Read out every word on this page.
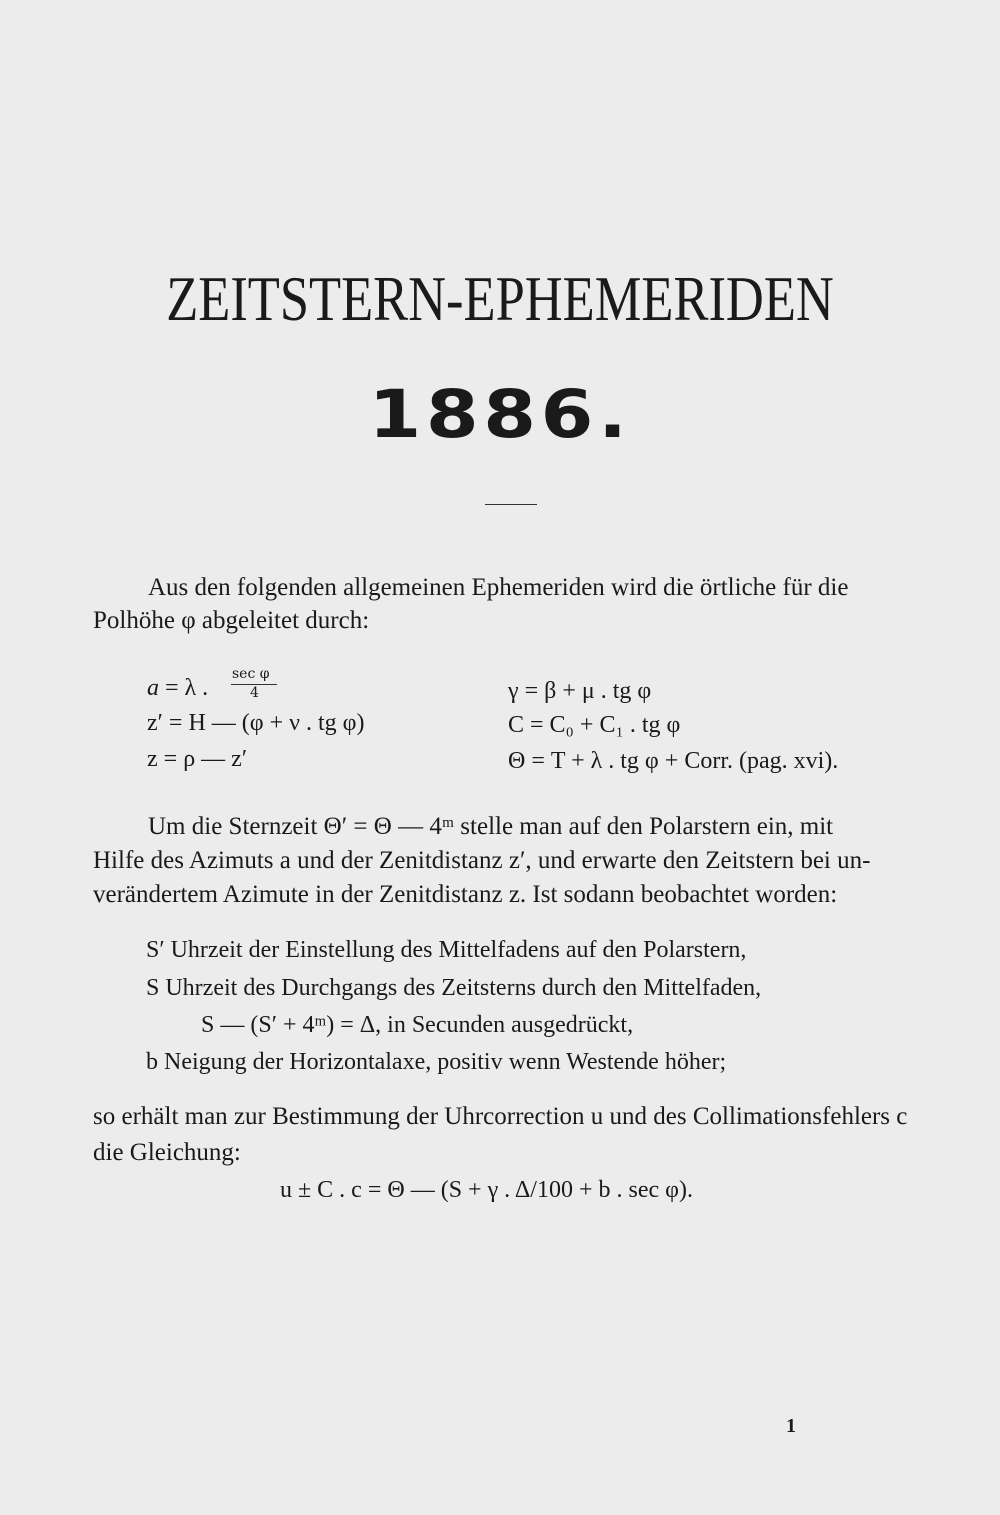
ZEITSTERN-EPHEMERIDEN
1886.
Aus den folgenden allgemeinen Ephemeriden wird die örtliche für die
Polhöhe φ abgeleitet durch:
a = λ .
sec φ
4
z′ = H — (φ + ν . tg φ)
z = ρ — z′
γ = β + μ . tg φ
C = C₀ + C₁ . tg φ
Θ = T + λ . tg φ + Corr. (pag. xvi).
Um die Sternzeit Θ′ = Θ — 4ᵐ stelle man auf den Polarstern ein, mit
Hilfe des Azimuts a und der Zenitdistanz z′, und erwarte den Zeitstern bei un-
verändertem Azimute in der Zenitdistanz z. Ist sodann beobachtet worden:
S′ Uhrzeit der Einstellung des Mittelfadens auf den Polarstern,
S Uhrzeit des Durchgangs des Zeitsterns durch den Mittelfaden,
S — (S′ + 4ᵐ) = Δ, in Secunden ausgedrückt,
b Neigung der Horizontalaxe, positiv wenn Westende höher;
so erhält man zur Bestimmung der Uhrcorrection u und des Collimationsfehlers c
die Gleichung:
u ± C . c = Θ — (S + γ . Δ/100 + b . sec φ).
1
